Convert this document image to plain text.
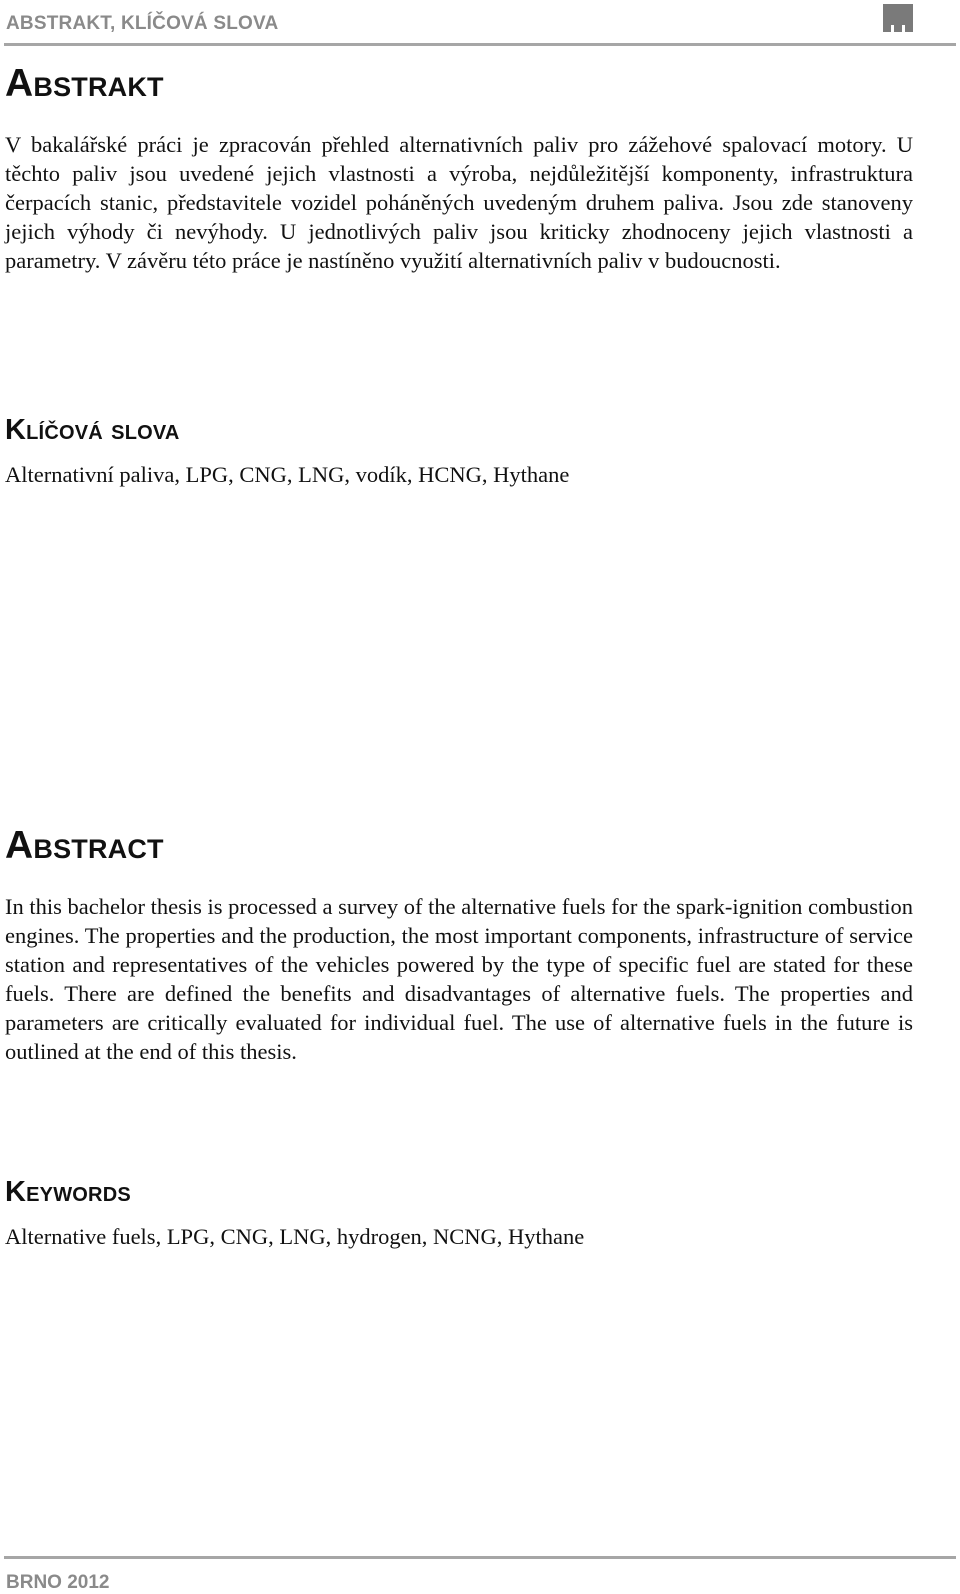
ABSTRAKT, KLÍČOVÁ SLOVA
Abstrakt

V bakalářské práci je zpracován přehled alternativních paliv pro zážehové spalovací motory. U těchto paliv jsou uvedené jejich vlastnosti a výroba, nejdůležitější komponenty, infrastruktura čerpacích stanic, představitele vozidel poháněných uvedeným druhem paliva. Jsou zde stanoveny jejich výhody či nevýhody. U jednotlivých paliv jsou kriticky zhodnoceny jejich vlastnosti a parametry. V závěru této práce je nastíněno využití alternativních paliv v budoucnosti.

Klíčová slova

Alternativní paliva, LPG, CNG, LNG, vodík, HCNG, Hythane

Abstract

In this bachelor thesis is processed a survey of the alternative fuels for the spark-ignition combustion engines. The properties and the production, the most important components, infrastructure of service station and representatives of the vehicles powered by the type of specific fuel are stated for these fuels. There are defined the benefits and disadvantages of alternative fuels. The properties and parameters are critically evaluated for individual fuel. The use of alternative fuels in the future is outlined at the end of this thesis.

Keywords

Alternative fuels, LPG, CNG, LNG, hydrogen, NCNG, Hythane

BRNO 2012
